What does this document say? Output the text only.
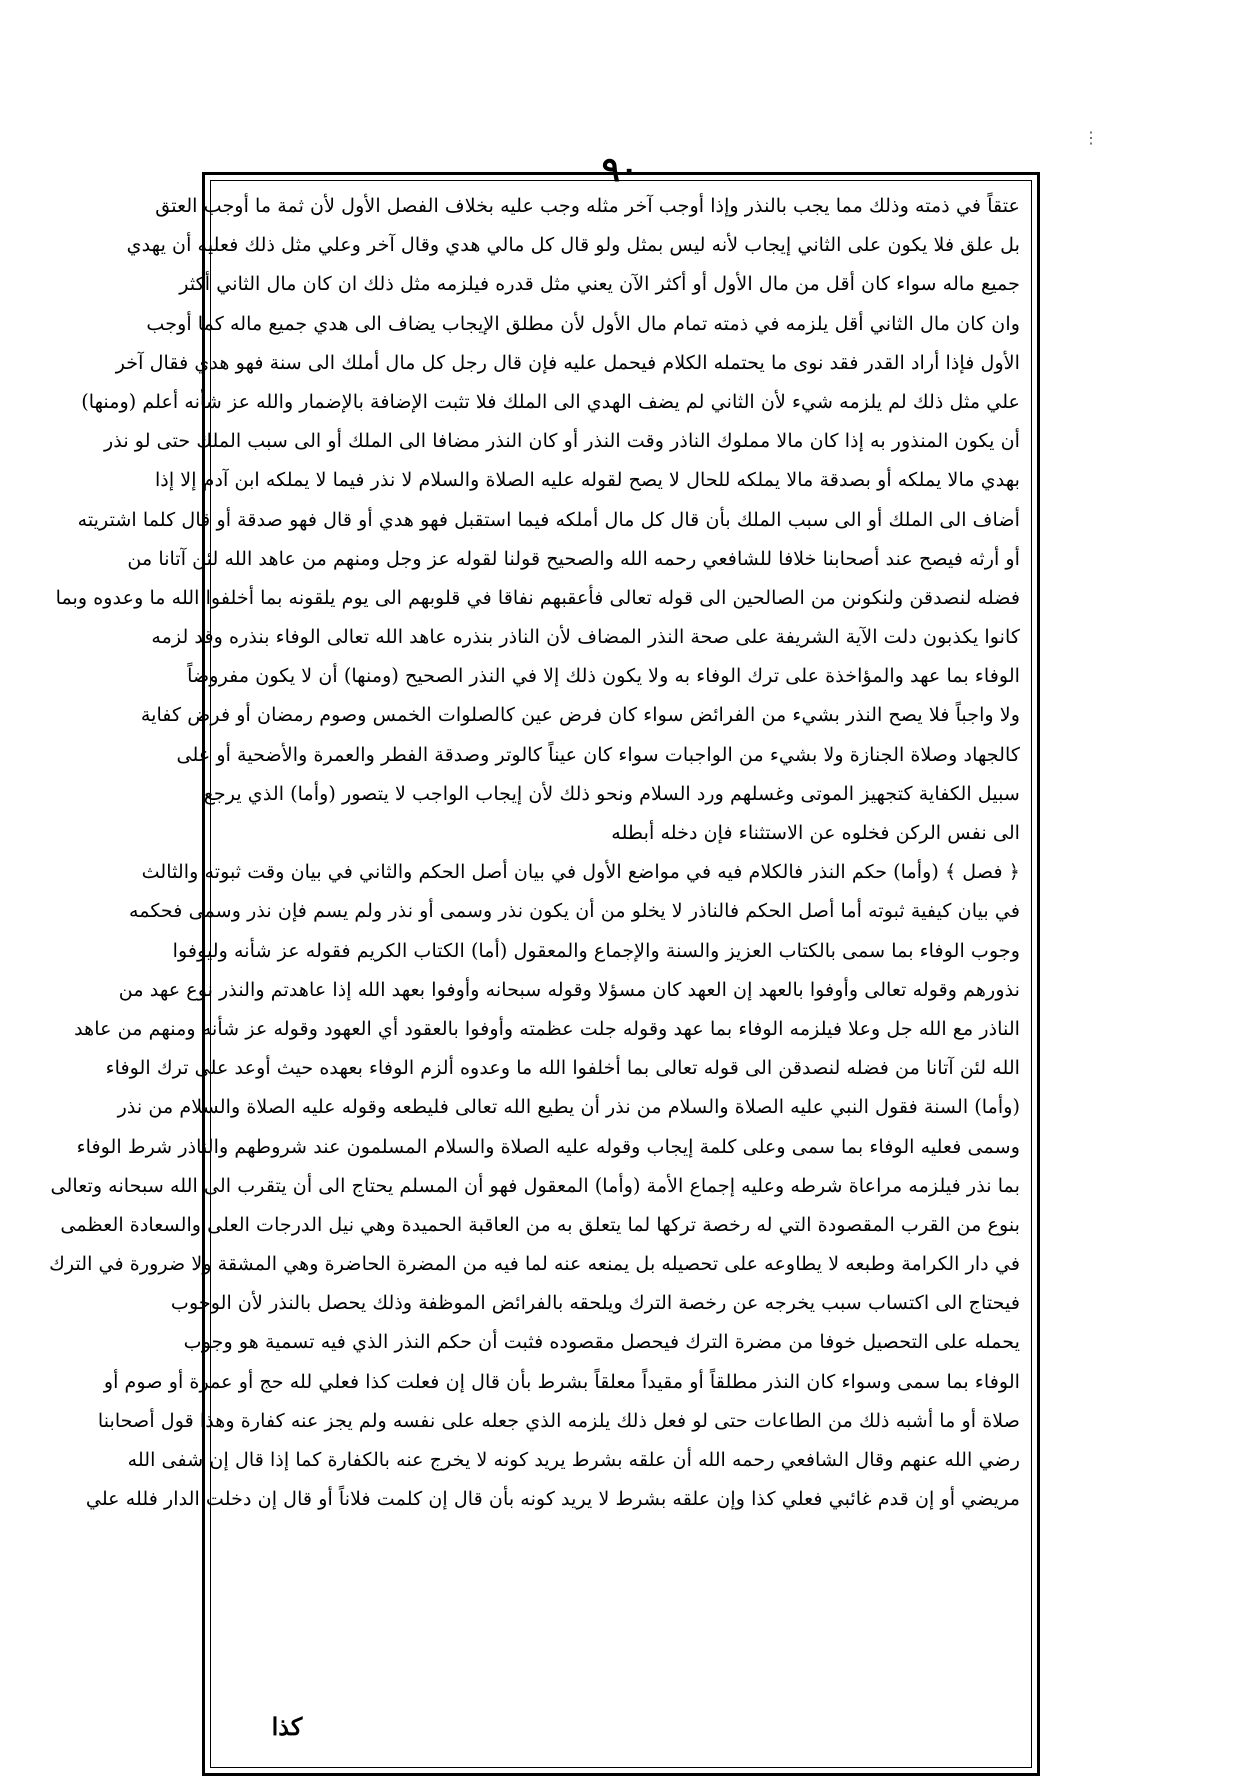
٩٠
⋮
عتقاً في ذمته وذلك مما يجب بالنذر وإذا أوجب آخر مثله وجب عليه بخلاف الفصل الأول لأن ثمة ما أوجب العتق
بل علق فلا يكون على الثاني إيجاب لأنه ليس بمثل ولو قال كل مالي هدي وقال آخر وعلي مثل ذلك فعليه أن يهدي
جميع ماله سواء كان أقل من مال الأول أو أكثر الآن يعني مثل قدره فيلزمه مثل ذلك ان كان مال الثاني أكثر
وان كان مال الثاني أقل يلزمه في ذمته تمام مال الأول لأن مطلق الإيجاب يضاف الى هدي جميع ماله كما أوجب
الأول فإذا أراد القدر فقد نوى ما يحتمله الكلام فيحمل عليه فإن قال رجل كل مال أملك الى سنة فهو هدي فقال آخر
علي مثل ذلك لم يلزمه شيء لأن الثاني لم يضف الهدي الى الملك فلا تثبت الإضافة بالإضمار والله عز شأنه أعلم (ومنها)
أن يكون المنذور به إذا كان مالا مملوك الناذر وقت النذر أو كان النذر مضافا الى الملك أو الى سبب الملك حتى لو نذر
بهدي مالا يملكه أو بصدقة مالا يملكه للحال لا يصح لقوله عليه الصلاة والسلام لا نذر فيما لا يملكه ابن آدم إلا إذا
أضاف الى الملك أو الى سبب الملك بأن قال كل مال أملكه فيما استقبل فهو هدي أو قال فهو صدقة أو قال كلما اشتريته
أو أرثه فيصح عند أصحابنا خلافا للشافعي رحمه الله والصحيح قولنا لقوله عز وجل ومنهم من عاهد الله لئن آتانا من
فضله لنصدقن ولنكونن من الصالحين الى قوله تعالى فأعقبهم نفاقا في قلوبهم الى يوم يلقونه بما أخلفوا الله ما وعدوه وبما
كانوا يكذبون دلت الآية الشريفة على صحة النذر المضاف لأن الناذر بنذره عاهد الله تعالى الوفاء بنذره وقد لزمه
الوفاء بما عهد والمؤاخذة على ترك الوفاء به ولا يكون ذلك إلا في النذر الصحيح (ومنها) أن لا يكون مفروضاً
ولا واجباً فلا يصح النذر بشيء من الفرائض سواء كان فرض عين كالصلوات الخمس وصوم رمضان أو فرض كفاية
كالجهاد وصلاة الجنازة ولا بشيء من الواجبات سواء كان عيناً كالوتر وصدقة الفطر والعمرة والأضحية أو على
سبيل الكفاية كتجهيز الموتى وغسلهم ورد السلام ونحو ذلك لأن إيجاب الواجب لا يتصور (وأما) الذي يرجع
الى نفس الركن فخلوه عن الاستثناء فإن دخله أبطله
﴿ فصل ﴾ (وأما) حكم النذر فالكلام فيه في مواضع الأول في بيان أصل الحكم والثاني في بيان وقت ثبوته والثالث
في بيان كيفية ثبوته أما أصل الحكم فالناذر لا يخلو من أن يكون نذر وسمى أو نذر ولم يسم فإن نذر وسمى فحكمه
وجوب الوفاء بما سمى بالكتاب العزيز والسنة والإجماع والمعقول (أما) الكتاب الكريم فقوله عز شأنه وليوفوا
نذورهم وقوله تعالى وأوفوا بالعهد إن العهد كان مسؤلا وقوله سبحانه وأوفوا بعهد الله إذا عاهدتم والنذر نوع عهد من
الناذر مع الله جل وعلا فيلزمه الوفاء بما عهد وقوله جلت عظمته وأوفوا بالعقود أي العهود وقوله عز شأنه ومنهم من عاهد
الله لئن آتانا من فضله لنصدقن الى قوله تعالى بما أخلفوا الله ما وعدوه ألزم الوفاء بعهده حيث أوعد على ترك الوفاء
(وأما) السنة فقول النبي عليه الصلاة والسلام من نذر أن يطيع الله تعالى فليطعه وقوله عليه الصلاة والسلام من نذر
وسمى فعليه الوفاء بما سمى وعلى كلمة إيجاب وقوله عليه الصلاة والسلام المسلمون عند شروطهم والناذر شرط الوفاء
بما نذر فيلزمه مراعاة شرطه وعليه إجماع الأمة (وأما) المعقول فهو أن المسلم يحتاج الى أن يتقرب الى الله سبحانه وتعالى
بنوع من القرب المقصودة التي له رخصة تركها لما يتعلق به من العاقبة الحميدة وهي نيل الدرجات العلى والسعادة العظمى
في دار الكرامة وطبعه لا يطاوعه على تحصيله بل يمنعه عنه لما فيه من المضرة الحاضرة وهي المشقة ولا ضرورة في الترك
فيحتاج الى اكتساب سبب يخرجه عن رخصة الترك ويلحقه بالفرائض الموظفة وذلك يحصل بالنذر لأن الوجوب
يحمله على التحصيل خوفا من مضرة الترك فيحصل مقصوده فثبت أن حكم النذر الذي فيه تسمية هو وجوب
الوفاء بما سمى وسواء كان النذر مطلقاً أو مقيداً معلقاً بشرط بأن قال إن فعلت كذا فعلي لله حج أو عمرة أو صوم أو
صلاة أو ما أشبه ذلك من الطاعات حتى لو فعل ذلك يلزمه الذي جعله على نفسه ولم يجز عنه كفارة وهذا قول أصحابنا
رضي الله عنهم وقال الشافعي رحمه الله أن علقه بشرط يريد كونه لا يخرج عنه بالكفارة كما إذا قال إن شفى الله
مريضي أو إن قدم غائبي فعلي كذا وإن علقه بشرط لا يريد كونه بأن قال إن كلمت فلاناً أو قال إن دخلت الدار فلله علي
كذا
